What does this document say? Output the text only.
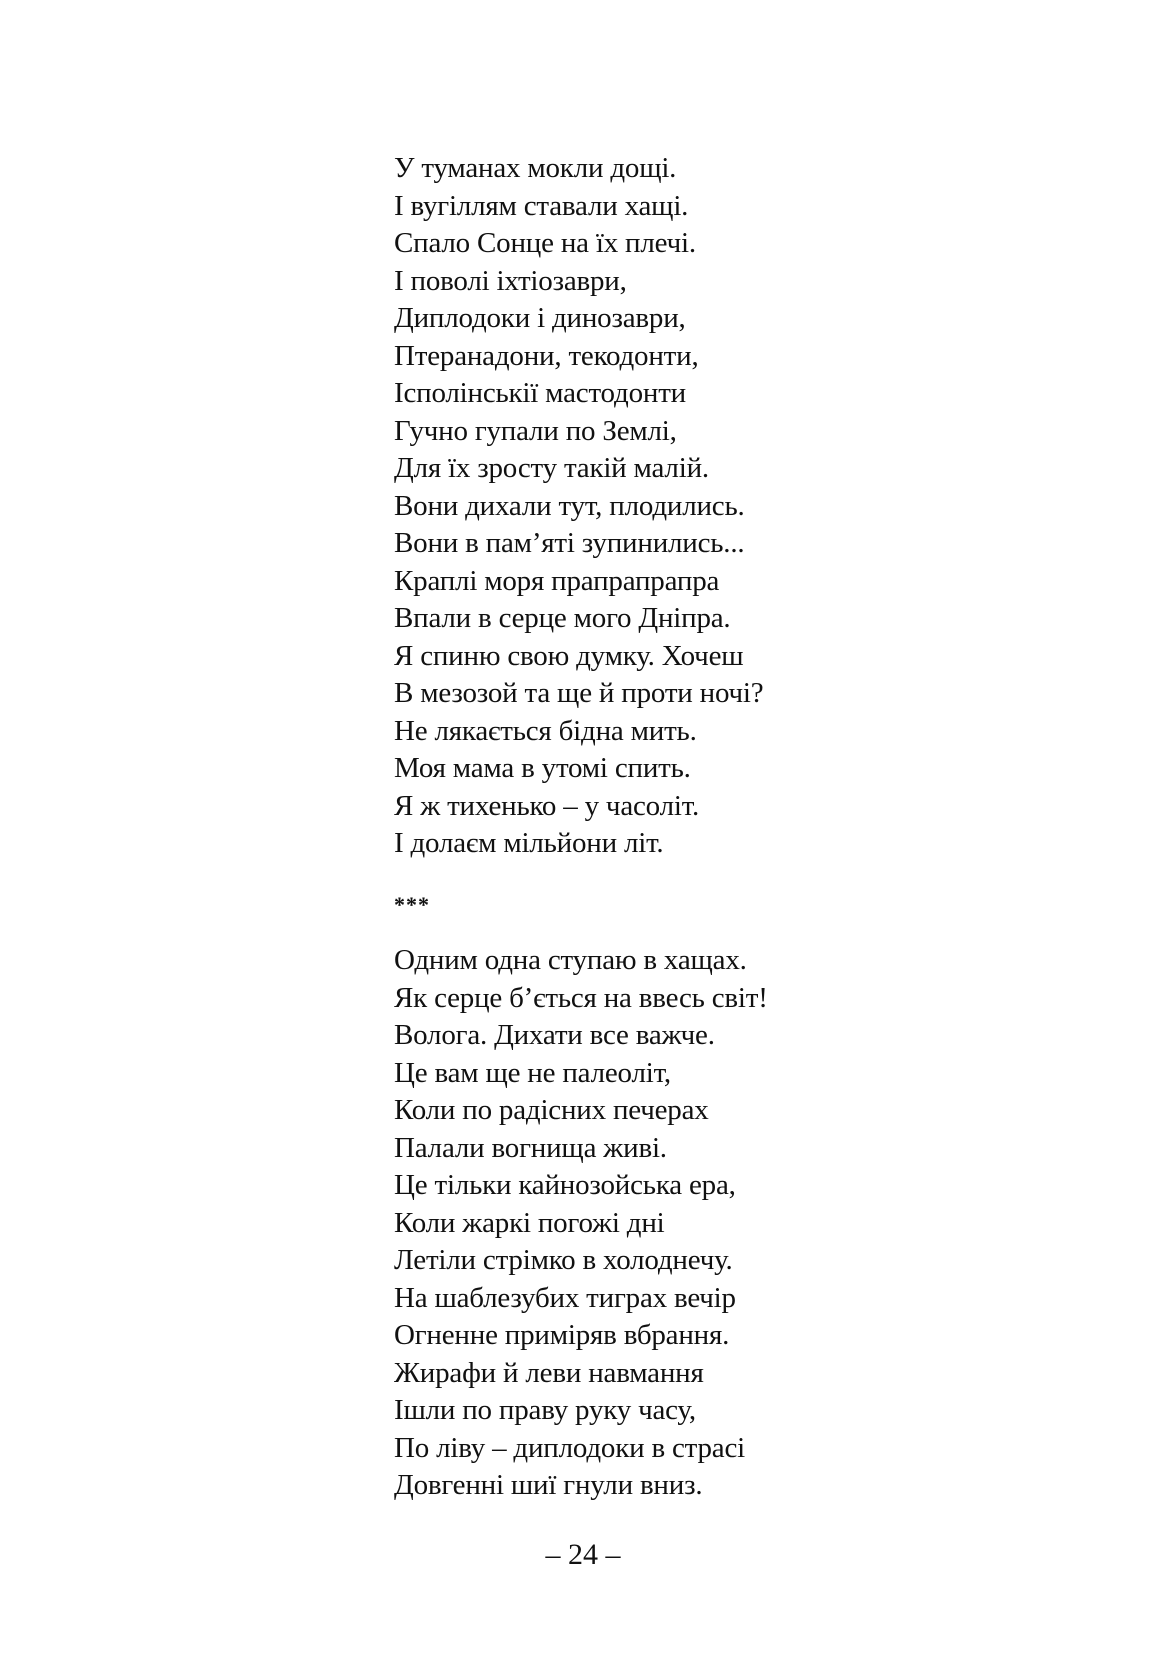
У туманах мокли дощі.
І вугіллям ставали хащі.
Спало Сонце на їх плечі.
І поволі іхтіозаври,
Диплодоки і динозаври,
Птеранадони, текодонти,
Ісполінськії мастодонти
Гучно гупали по Землі,
Для їх зросту такій малій.
Вони дихали тут, плодились.
Вони в пам’яті зупинились...
Краплі моря прапрапрапра
Впали в серце мого Дніпра.
Я спиню свою думку. Хочеш
В мезозой та ще й проти ночі?
Не лякається бідна мить.
Моя мама в утомі спить.
Я ж тихенько – у часоліт.
І долаєм мільйони літ.
***
Одним одна ступаю в хащах.
Як серце б’ється на ввесь світ!
Волога. Дихати все важче.
Це вам ще не палеоліт,
Коли по радісних печерах
Палали вогнища живі.
Це тільки кайнозойська ера,
Коли жаркі погожі дні
Летіли стрімко в холоднечу.
На шаблезубих тиграх вечір
Огненне приміряв вбрання.
Жирафи й леви навмання
Ішли по праву руку часу,
По ліву – диплодоки в страсі
Довгенні шиї гнули вниз.
– 24 –
